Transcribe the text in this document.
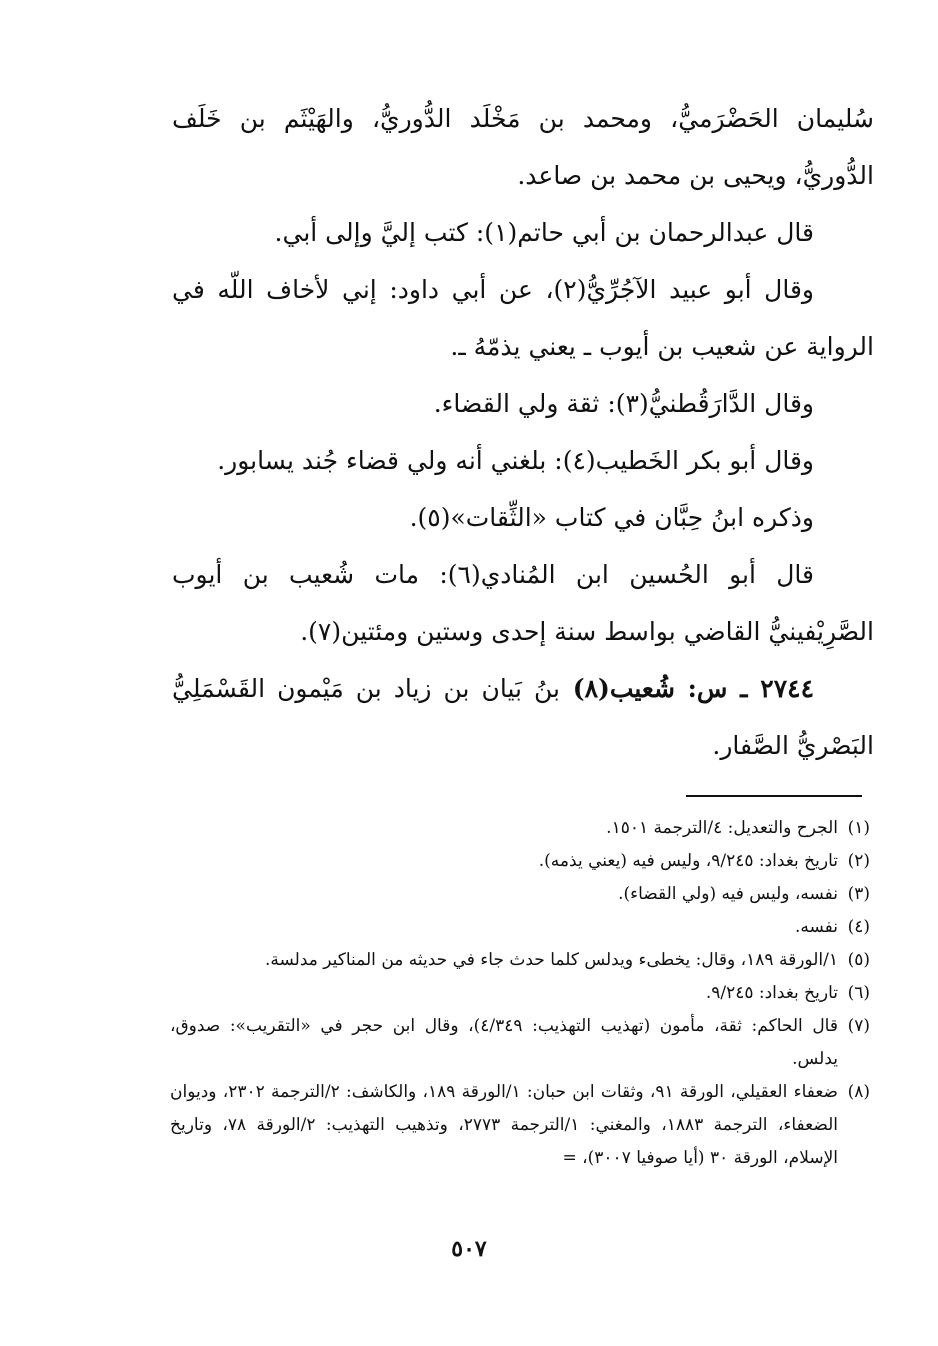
سُليمان الحَضْرَميُّ، ومحمد بن مَخْلَد الدُّوريُّ، والهَيْثَم بن خَلَف الدُّوريُّ، ويحيى بن محمد بن صاعد.

قال عبدالرحمان بن أبي حاتم(١): كتب إليَّ وإلى أبي.

وقال أبو عبيد الآجُرِّيُّ(٢)، عن أبي داود: إني لأخاف اللّه في الرواية عن شعيب بن أيوب ـ يعني يذمّهُ ـ.

وقال الدَّارَقُطنيُّ(٣): ثقة ولي القضاء.

وقال أبو بكر الخَطيب(٤): بلغني أنه ولي قضاء جُند يسابور.

وذكره ابنُ حِبَّان في كتاب «الثِّقات»(٥).

قال أبو الحُسين ابن المُنادي(٦): مات شُعيب بن أيوب الصَّرِيْفينيُّ القاضي بواسط سنة إحدى وستين ومئتين(٧).

٢٧٤٤ ـ س: شُعيب(٨) بنُ بَيان بن زياد بن مَيْمون القَسْمَلِيُّ البَصْريُّ الصَّفار.

(١)
الجرح والتعديل: ٤/الترجمة ١٥٠١.
(٢)
تاريخ بغداد: ٩/٢٤٥، وليس فيه (يعني يذمه).
(٣)
نفسه، وليس فيه (ولي القضاء).
(٤)
نفسه.
(٥)
١/الورقة ١٨٩، وقال: يخطىء ويدلس كلما حدث جاء في حديثه من المناكير مدلسة.
(٦)
تاريخ بغداد: ٩/٢٤٥.
(٧)
قال الحاكم: ثقة، مأمون (تهذيب التهذيب: ٤/٣٤٩)، وقال ابن حجر في «التقريب»: صدوق، يدلس.
(٨)
ضعفاء العقيلي، الورقة ٩١، وثقات ابن حبان: ١/الورقة ١٨٩، والكاشف: ٢/الترجمة ٢٣٠٢، وديوان الضعفاء، الترجمة ١٨٨٣، والمغني: ١/الترجمة ٢٧٧٣، وتذهيب التهذيب: ٢/الورقة ٧٨، وتاريخ الإسلام، الورقة ٣٠ (أيا صوفيا ٣٠٠٧)، =
٥٠٧
